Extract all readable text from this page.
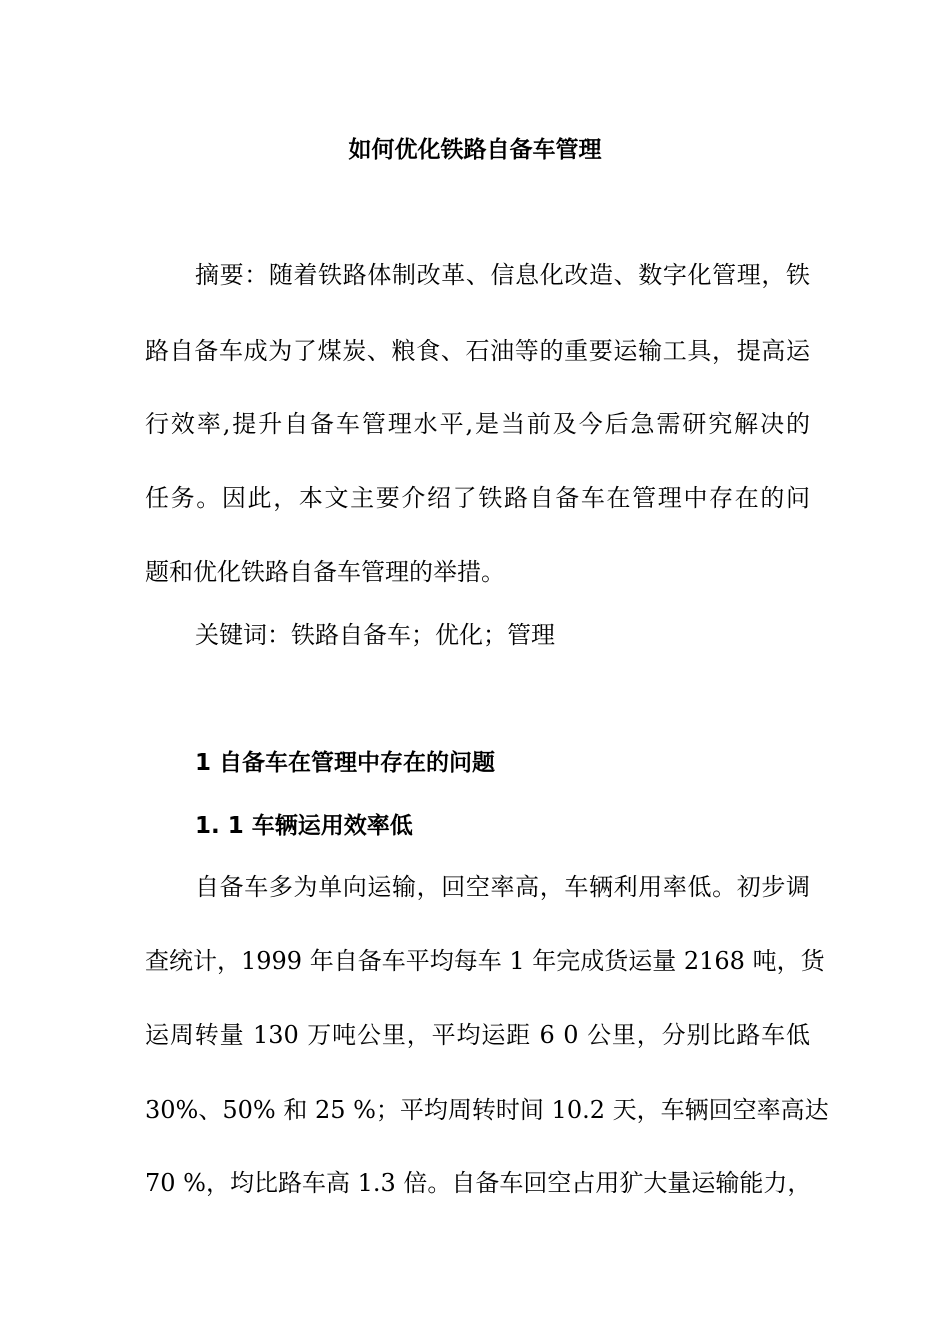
如何优化铁路自备车管理

摘要：随着铁路体制改革、信息化改造、数字化管理，铁

路自备车成为了煤炭、粮食、石油等的重要运输工具，提高运

行效率,提升自备车管理水平,是当前及今后急需研究解决的

任务。因此，本文主要介绍了铁路自备车在管理中存在的问

题和优化铁路自备车管理的举措。

关键词：铁路自备车；优化；管理

1 自备车在管理中存在的问题
1. 1 车辆运用效率低

自备车多为单向运输，回空率高，车辆利用率低。初步调

查统计，1999 年自备车平均每车 1 年完成货运量 2168 吨，货

运周转量 130 万吨公里，平均运距 6 0 公里，分别比路车低

30%、50% 和 25 %；平均周转时间 10.2 天，车辆回空率高达

70 %，均比路车高 1.3 倍。自备车回空占用犷大量运输能力，
